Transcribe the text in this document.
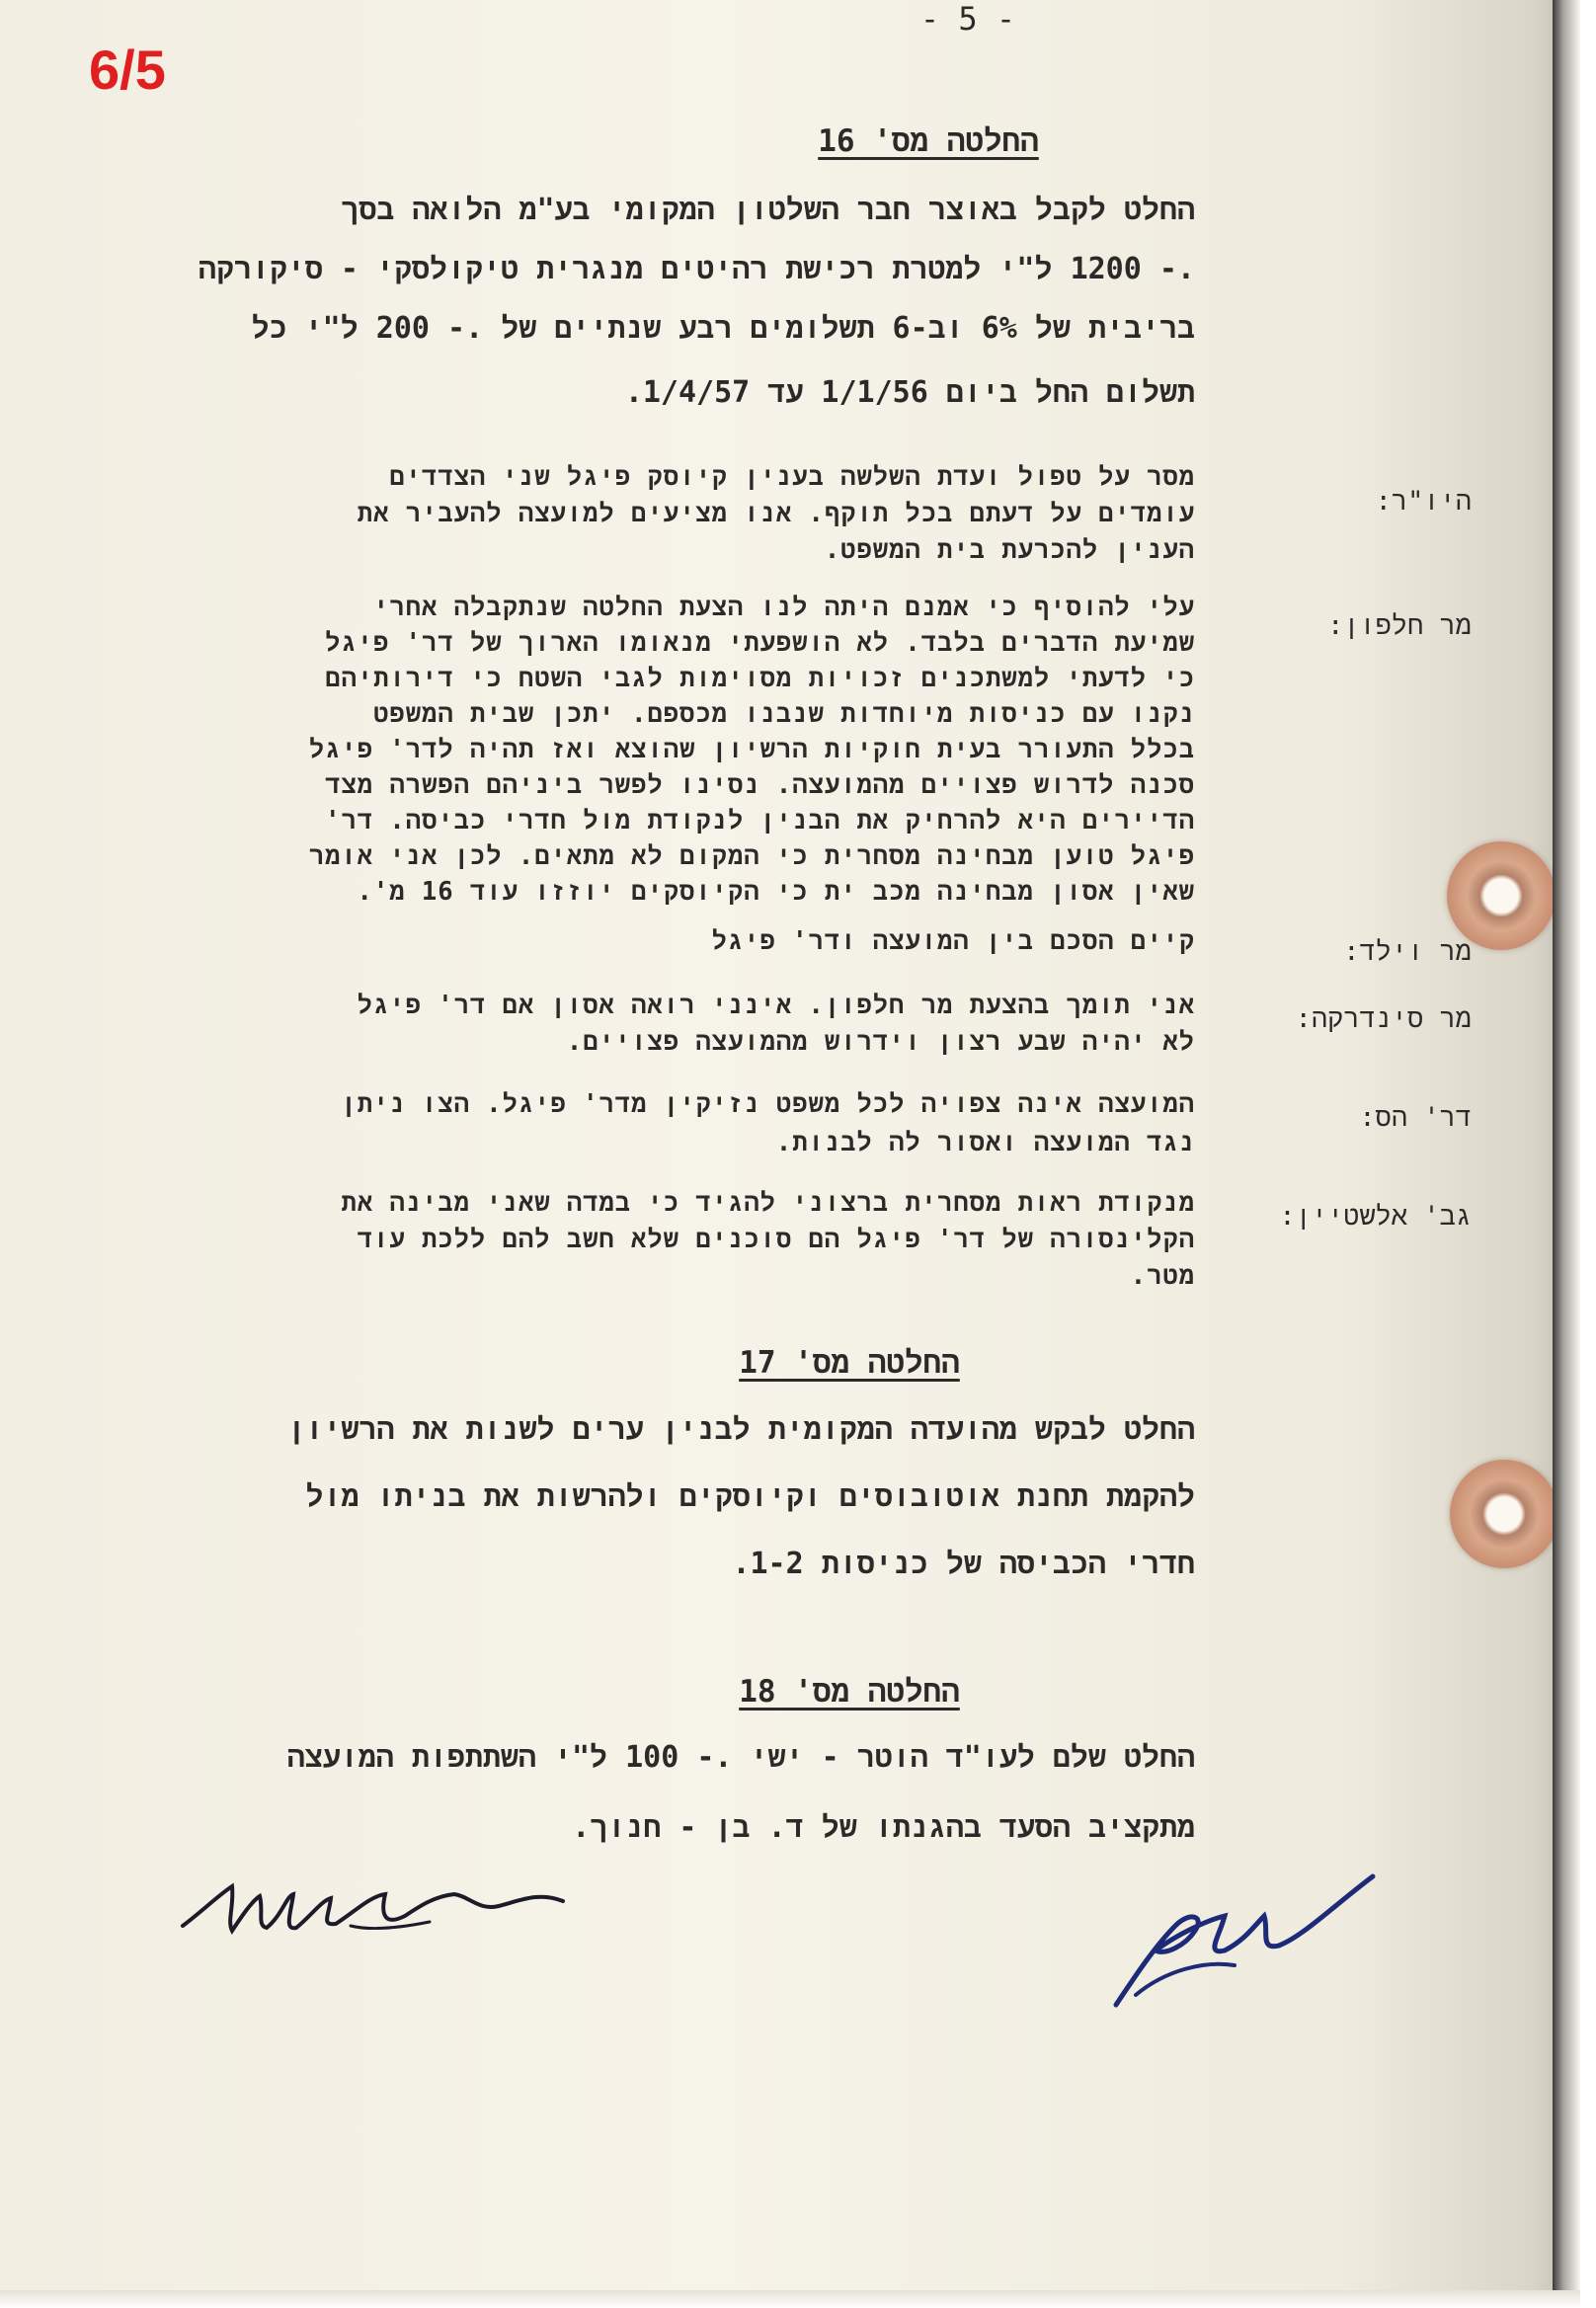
6/5
- 5 -
החלטה מס' 16
החלט לקבל באוצר חבר השלטון המקומי בע"מ הלואה בסך
.- 1200 ל"י למטרת רכישת רהיטים מנגרית טיקולסקי - סיקורקה
בריבית של 6% וב-6 תשלומים רבע שנתיים של .- 200 ל"י כל
תשלום החל ביום 1/1/56 עד 1/4/57.
היו"ר:
מסר על טפול ועדת השלשה בענין קיוסק פיגל שני הצדדים
עומדים על דעתם בכל תוקף. אנו מציעים למועצה להעביר את
הענין להכרעת בית המשפט.
מר חלפון:
עלי להוסיף כי אמנם היתה לנו הצעת החלטה שנתקבלה אחרי
שמיעת הדברים בלבד. לא הושפעתי מנאומו הארוך של דר' פיגל
כי לדעתי למשתכנים זכויות מסוימות לגבי השטח כי דירותיהם
נקנו עם כניסות מיוחדות שנבנו מכספם. יתכן שבית המשפט
בכלל התעורר בעית חוקיות הרשיון שהוצא ואז תהיה לדר' פיגל
סכנה לדרוש פצויים מהמועצה. נסינו לפשר ביניהם הפשרה מצד
הדיירים היא להרחיק את הבנין לנקודת מול חדרי כביסה. דר'
פיגל טוען מבחינה מסחרית כי המקום לא מתאים. לכן אני אומר
שאין אסון מבחינה מכב ית כי הקיוסקים יוזזו עוד 16 מ'.
מר וילד:
קיים הסכם בין המועצה ודר' פיגל
מר סינדרקה:
אני תומך בהצעת מר חלפון. אינני רואה אסון אם דר' פיגל
לא יהיה שבע רצון וידרוש מהמועצה פצויים.
דר' הס:
המועצה אינה צפויה לכל משפט נזיקין מדר' פיגל. הצו ניתן
נגד המועצה ואסור לה לבנות.
גב' אלשטיין:
מנקודת ראות מסחרית ברצוני להגיד כי במדה שאני מבינה את
הקלינסורה של דר' פיגל הם סוכנים שלא חשב להם ללכת עוד
מטר.
החלטה מס' 17
החלט לבקש מהועדה המקומית לבנין ערים לשנות את הרשיון
להקמת תחנת אוטובוסים וקיוסקים ולהרשות את בניתו מול
חדרי הכביסה של כניסות 1-2.
החלטה מס' 18
החלט שלם לעו"ד הוטר - ישי .- 100 ל"י השתתפות המועצה
מתקציב הסעד בהגנתו של ד. בן - חנוך.
